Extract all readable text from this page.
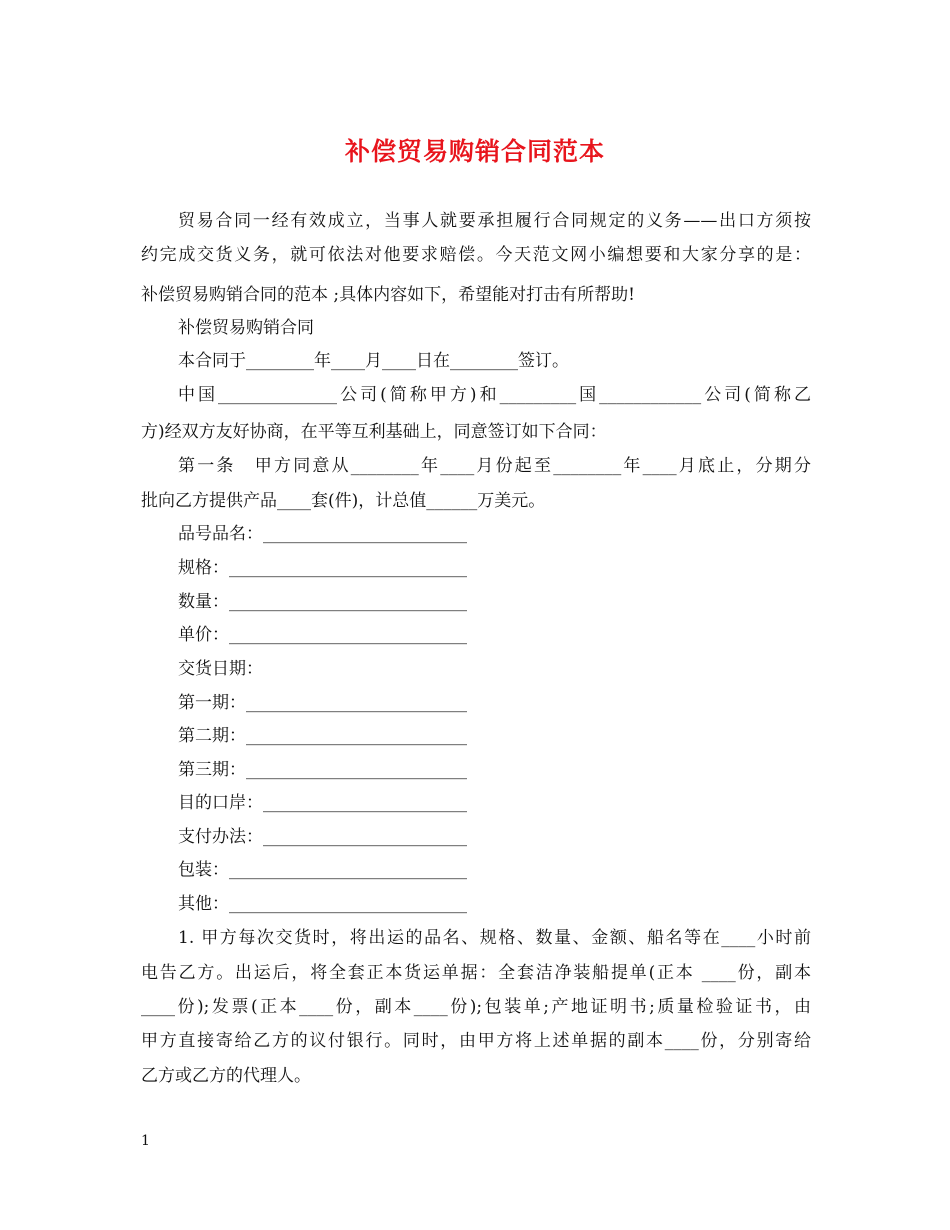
补偿贸易购销合同范本
贸易合同一经有效成立，当事人就要承担履行合同规定的义务——出口方须按
约完成交货义务，就可依法对他要求赔偿。今天范文网小编想要和大家分享的是：
补偿贸易购销合同的范本 ;具体内容如下，希望能对打击有所帮助!
补偿贸易购销合同
本合同于________年____月____日在________签订。
中国______________公司(简称甲方)和_________国____________公司(简称乙
方)经双方友好协商，在平等互利基础上，同意签订如下合同：
第一条　甲方同意从________年____月份起至________年____月底止，分期分
批向乙方提供产品____套(件)，计总值______万美元。
品号品名：________________________
规格：____________________________
数量：____________________________
单价：____________________________
交货日期：
第一期：__________________________
第二期：__________________________
第三期：__________________________
目的口岸：________________________
支付办法：________________________
包装：____________________________
其他：____________________________
1. 甲方每次交货时，将出运的品名、规格、数量、金额、船名等在____小时前
电告乙方。出运后，将全套正本货运单据：全套洁净装船提单(正本 ____份，副本
____份);发票(正本____份，副本____份);包装单;产地证明书;质量检验证书，由
甲方直接寄给乙方的议付银行。同时，由甲方将上述单据的副本____份，分别寄给
乙方或乙方的代理人。
1
